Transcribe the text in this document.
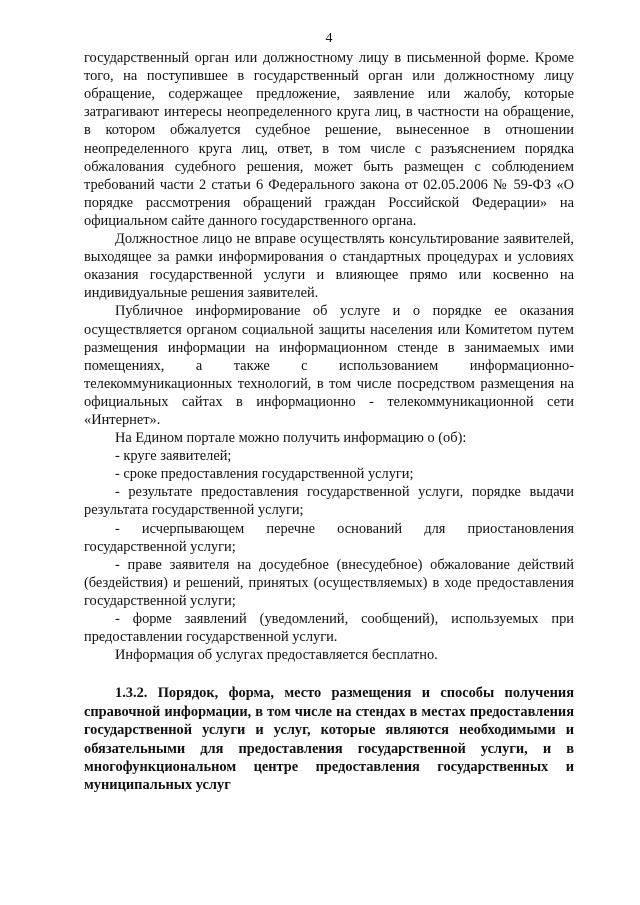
4

государственный орган или должностному лицу в письменной форме. Кроме того, на поступившее в государственный орган или должностному лицу обращение, содержащее предложение, заявление или жалобу, которые затрагивают интересы неопределенного круга лиц, в частности на обращение, в котором обжалуется судебное решение, вынесенное в отношении неопределенного круга лиц, ответ, в том числе с разъяснением порядка обжалования судебного решения, может быть размещен с соблюдением требований части 2 статьи 6 Федерального закона от 02.05.2006 № 59-ФЗ «О порядке рассмотрения обращений граждан Российской Федерации» на официальном сайте данного государственного органа.

Должностное лицо не вправе осуществлять консультирование заявителей, выходящее за рамки информирования о стандартных процедурах и условиях оказания государственной услуги и влияющее прямо или косвенно на индивидуальные решения заявителей.

Публичное информирование об услуге и о порядке ее оказания осуществляется органом социальной защиты населения или Комитетом путем размещения информации на информационном стенде в занимаемых ими помещениях, а также с использованием информационно-телекоммуникационных технологий, в том числе посредством размещения на официальных сайтах в информационно - телекоммуникационной сети «Интернет».

На Едином портале можно получить информацию о (об):

- круге заявителей;

- сроке предоставления государственной услуги;

- результате предоставления государственной услуги, порядке выдачи результата государственной услуги;

- исчерпывающем перечне оснований для приостановления государственной услуги;

- праве заявителя на досудебное (внесудебное) обжалование действий (бездействия) и решений, принятых (осуществляемых) в ходе предоставления государственной услуги;

- форме заявлений (уведомлений, сообщений), используемых при предоставлении государственной услуги.

Информация об услугах предоставляется бесплатно.

1.3.2. Порядок, форма, место размещения и способы получения справочной информации, в том числе на стендах в местах предоставления государственной услуги и услуг, которые являются необходимыми и обязательными для предоставления государственной услуги, и в многофункциональном центре предоставления государственных и муниципальных услуг
